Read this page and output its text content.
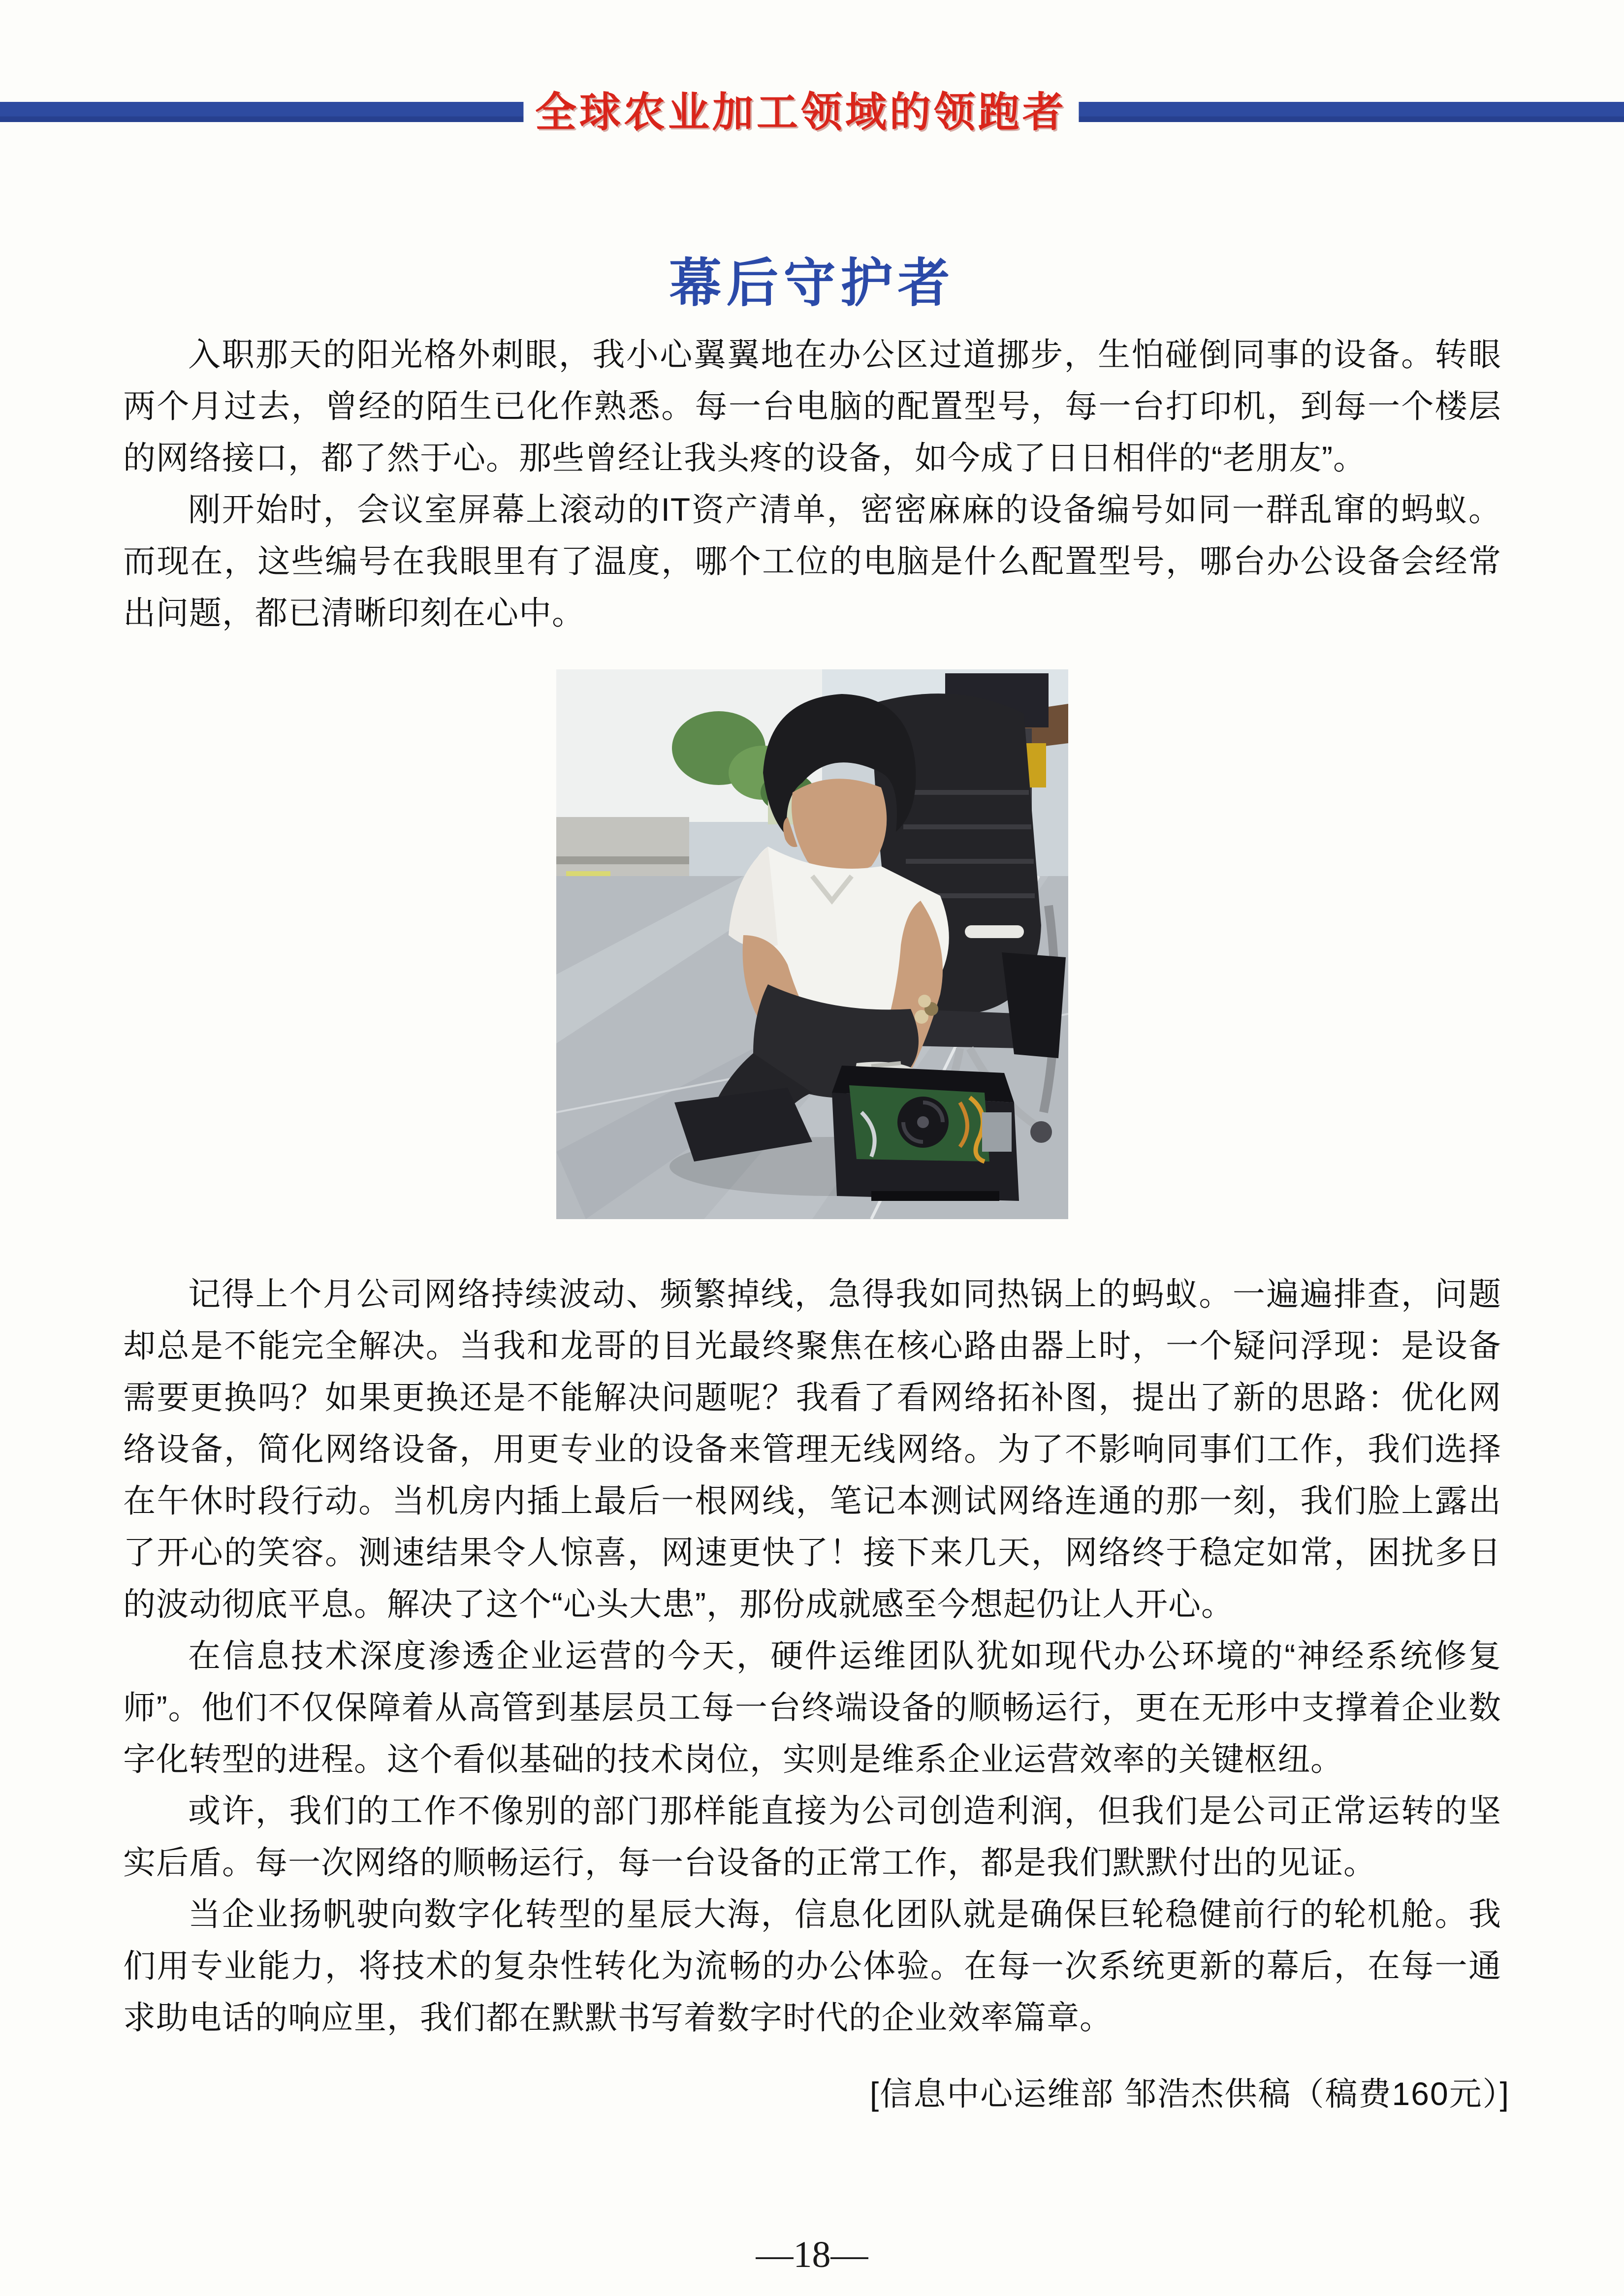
全球农业加工领域的领跑者
幕后守护者

入职那天的阳光格外刺眼，我小心翼翼地在办公区过道挪步，生怕碰倒同事的设备。转眼两个月过去，曾经的陌生已化作熟悉。每一台电脑的配置型号，每一台打印机，到每一个楼层的网络接口，都了然于心。那些曾经让我头疼的设备，如今成了日日相伴的“老朋友”。

刚开始时，会议室屏幕上滚动的IT资产清单，密密麻麻的设备编号如同一群乱窜的蚂蚁。而现在，这些编号在我眼里有了温度，哪个工位的电脑是什么配置型号，哪台办公设备会经常出问题，都已清晰印刻在心中。

记得上个月公司网络持续波动、频繁掉线，急得我如同热锅上的蚂蚁。一遍遍排查，问题却总是不能完全解决。当我和龙哥的目光最终聚焦在核心路由器上时，一个疑问浮现：是设备需要更换吗？如果更换还是不能解决问题呢？我看了看网络拓补图，提出了新的思路：优化网络设备，简化网络设备，用更专业的设备来管理无线网络。为了不影响同事们工作，我们选择在午休时段行动。当机房内插上最后一根网线，笔记本测试网络连通的那一刻，我们脸上露出了开心的笑容。测速结果令人惊喜，网速更快了！接下来几天，网络终于稳定如常，困扰多日的波动彻底平息。解决了这个“心头大患”，那份成就感至今想起仍让人开心。

在信息技术深度渗透企业运营的今天，硬件运维团队犹如现代办公环境的“神经系统修复师”。他们不仅保障着从高管到基层员工每一台终端设备的顺畅运行，更在无形中支撑着企业数字化转型的进程。这个看似基础的技术岗位，实则是维系企业运营效率的关键枢纽。

或许，我们的工作不像别的部门那样能直接为公司创造利润，但我们是公司正常运转的坚实后盾。每一次网络的顺畅运行，每一台设备的正常工作，都是我们默默付出的见证。

当企业扬帆驶向数字化转型的星辰大海，信息化团队就是确保巨轮稳健前行的轮机舱。我们用专业能力，将技术的复杂性转化为流畅的办公体验。在每一次系统更新的幕后，在每一通求助电话的响应里，我们都在默默书写着数字时代的企业效率篇章。

[信息中心运维部 邹浩杰供稿（稿费160元）]
—18—
